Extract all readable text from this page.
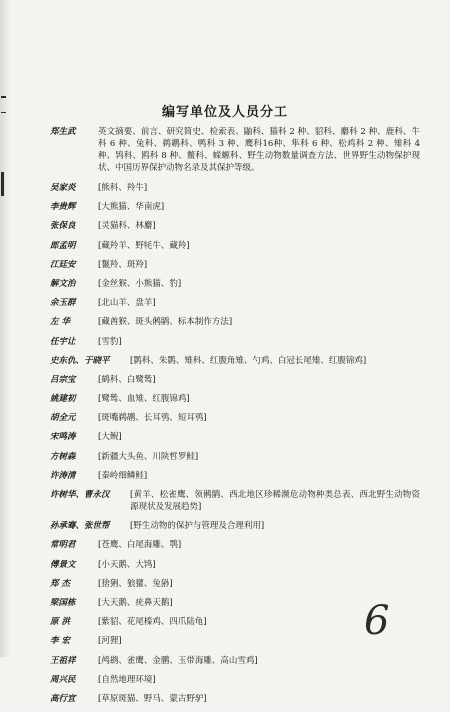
编写单位及人员分工
郑生武	英文摘要、前言、研究简史、检索表、鼬科、猫科 2 种、貂科、麝科 2 种、鹿科、牛科 6 种、兔科、鹈鹕科、鸭科 3 种、鹰科16种、隼科 6 种、松鸡科 2 种、雉科 4 种、鸨科、鸥科 8 种、鳖科、蝾螈科、野生动物数量调查方法、世界野生动物保护现状、中国历界保护动物名录及其保护等级。
吴家炎	[ 熊科、羚牛 ]
李贵辉	[ 大熊猫、华南虎 ]
张保良	[ 灵猫科、林麝 ]
郎孟明	[ 藏羚羊、野牦牛、藏羚 ]
江廷安	[ 鬣羚、斑羚 ]
解文治	[ 金丝猴、小熊猫、豹 ]
余玉群	[ 北山羊、盘羊 ]
左 华	[ 藏酋猴、斑头鸺鹠、标本制作方法 ]
任宇让	[ 雪豹 ]
史东仇、于晓平	[ 鹮科、朱鹮、雉科、红腹角雉、勺鸡、白冠长尾雉、红腹锦鸡 ]
吕宗宝	[ 鹤科、白鹭鸶 ]
姚建初	[ 鹭鸶、血雉、红腹锦鸡 ]
胡全元	[ 斑嘴鹈鹕、长耳鸮、短耳鸮 ]
宋鸣涛	[ 大鲵 ]
方树森	[ 新疆大头鱼、川陕哲罗鲑 ]
许涛清	[ 秦岭细鳞鲑 ]
许树华、曹永汉	[ 黄羊、松雀鹰、领鸺鹠、西北地区珍稀濒危动物种类总表、西北野生动物资源现状及发展趋势 ]
孙承骞、张世帮	[ 野生动物的保护与管理及合理利用 ]
常明君	[ 苍鹰、白尾海雕、鹗 ]
傅景文	[ 小天鹅、大鸨 ]
郑 杰	[ 猞猁、狼獾、兔狲 ]
梁国栋	[ 大天鹅、疣鼻天鹅 ]
原 洪	[ 紫貂、花尾榛鸡、四爪陆龟 ]
李 宏	[ 河狸 ]
王祖祥	[ 鸬鹚、雀鹰、金鹏、玉带海雕、高山雪鸡 ]
周兴民	[ 自然地理环境 ]
高行宜	[ 草原斑猫、野马、蒙古野驴 ]
6
